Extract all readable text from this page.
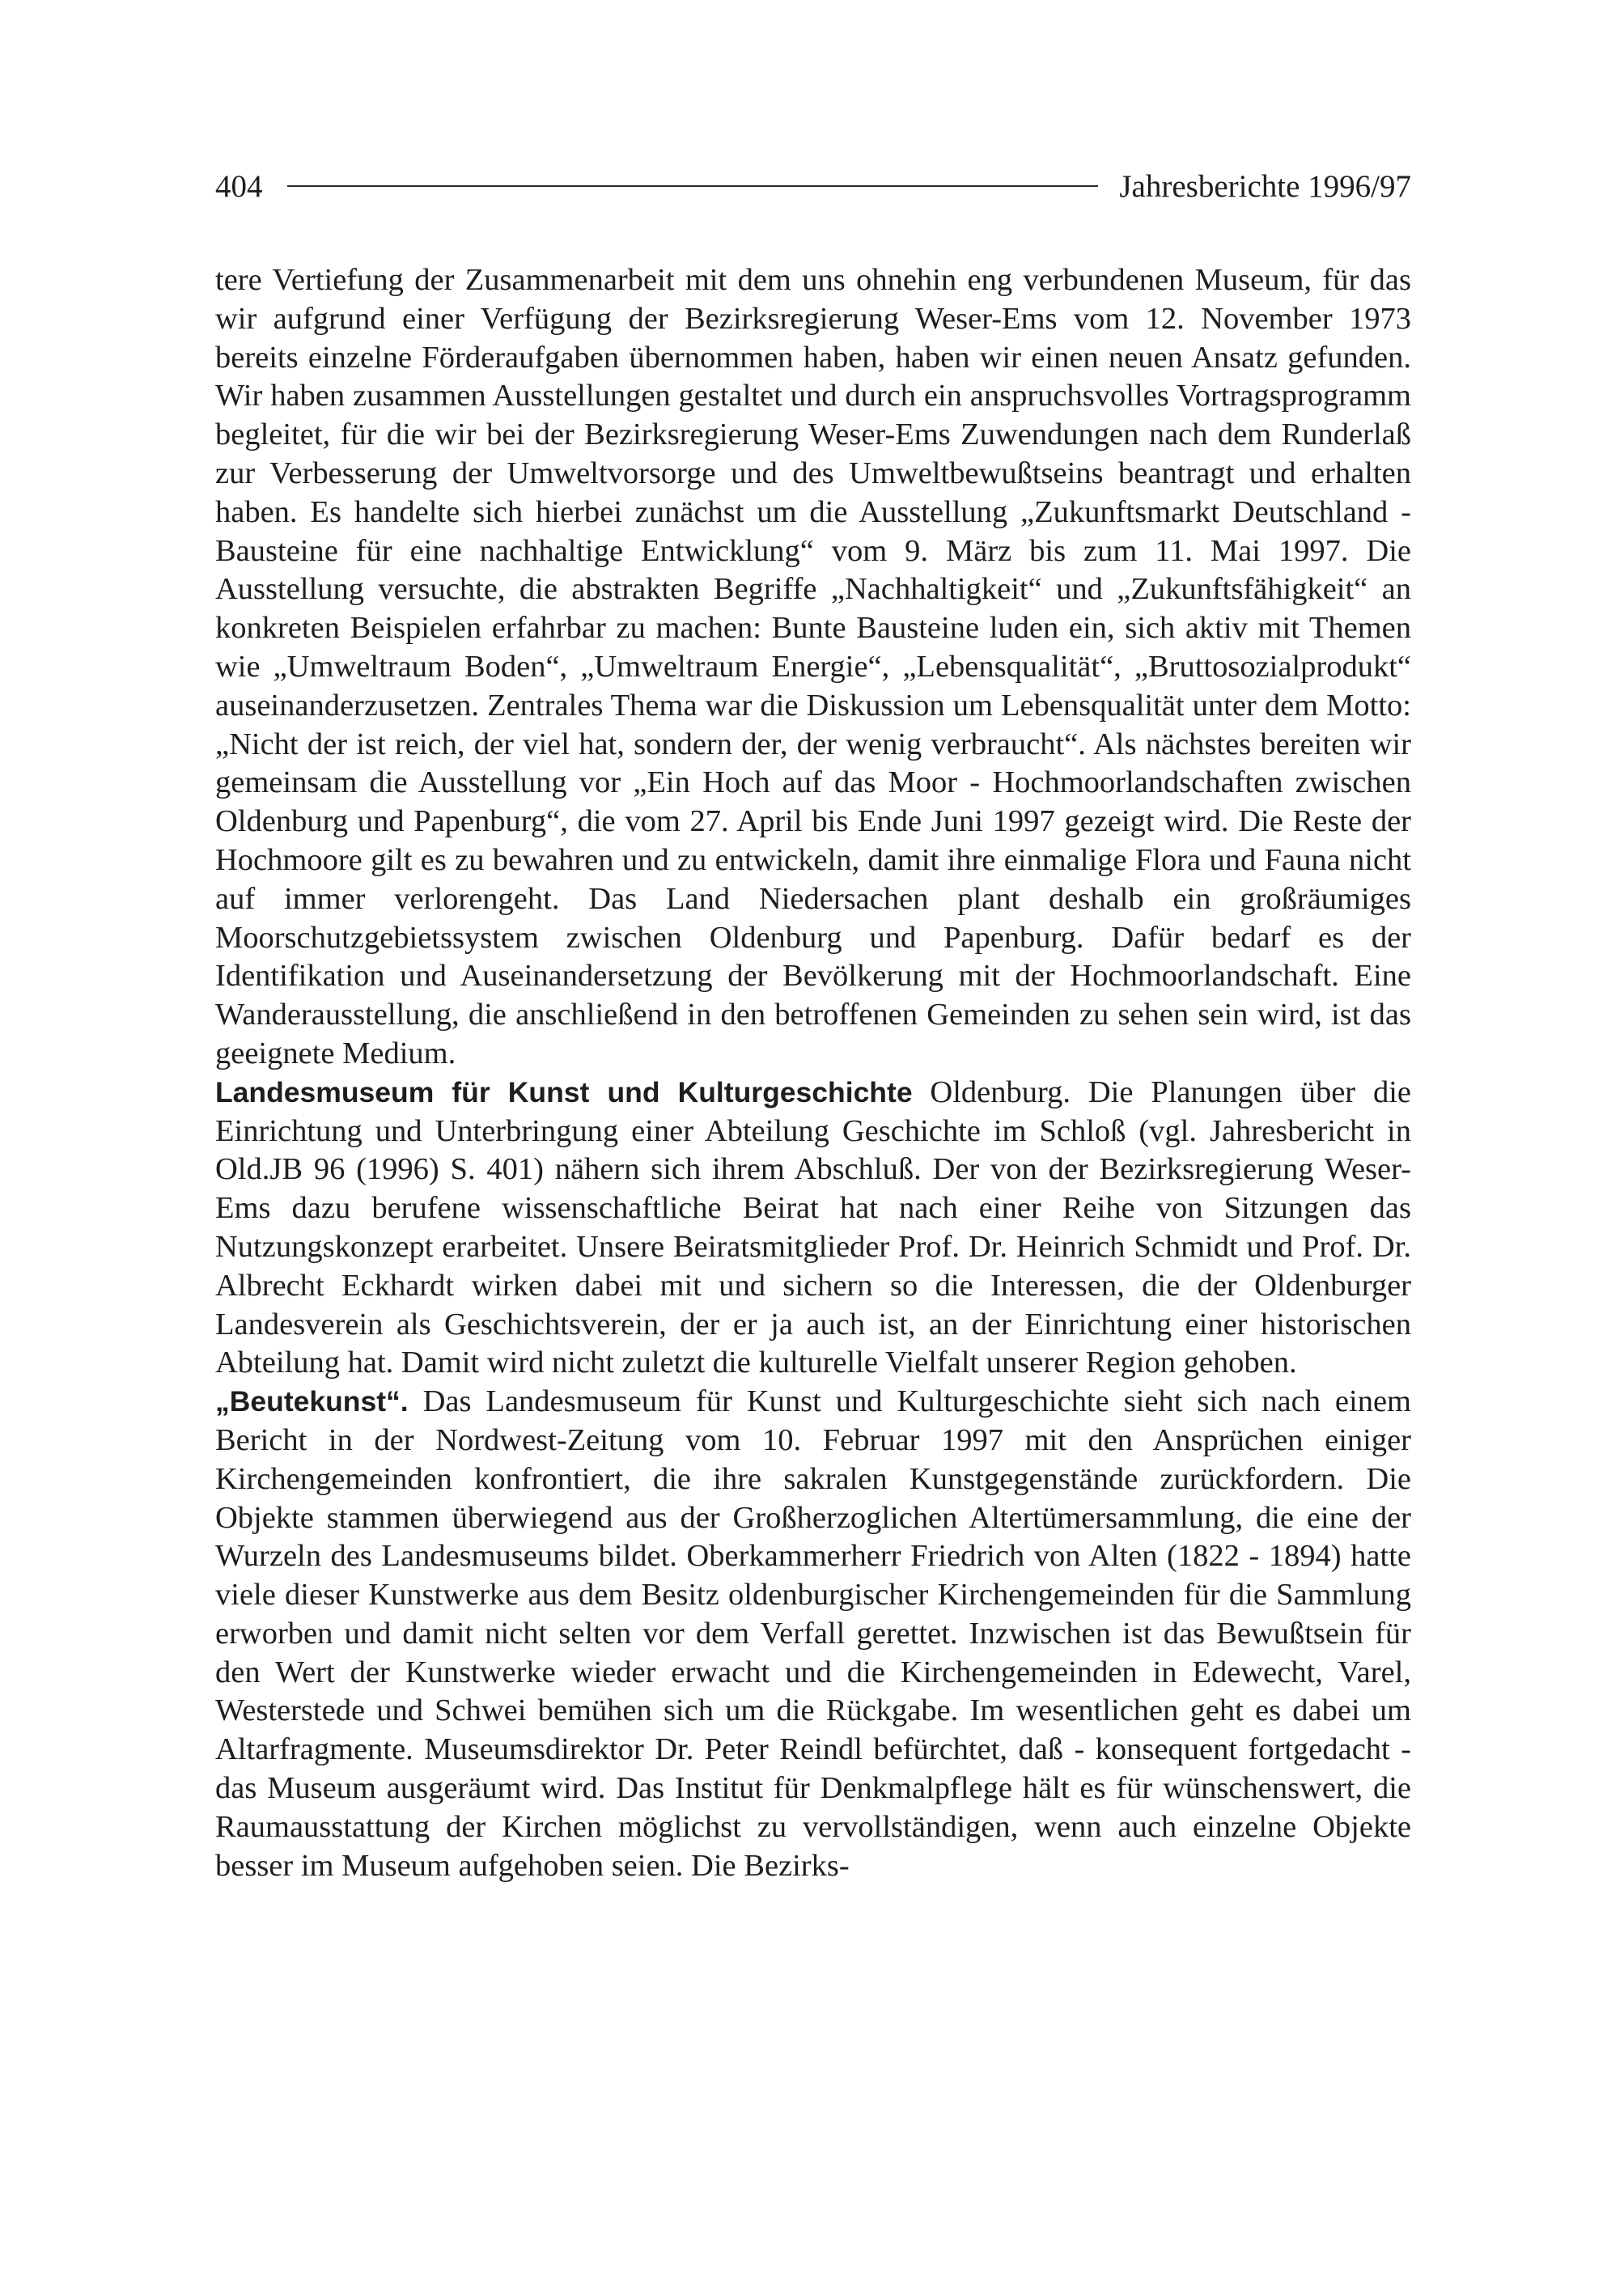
404	Jahresberichte 1996/97

tere Vertiefung der Zusammenarbeit mit dem uns ohnehin eng verbundenen Museum, für das wir aufgrund einer Verfügung der Bezirksregierung Weser-Ems vom 12. November 1973 bereits einzelne Förderaufgaben übernommen haben, haben wir einen neuen Ansatz gefunden. Wir haben zusammen Ausstellungen gestaltet und durch ein anspruchsvolles Vortragsprogramm begleitet, für die wir bei der Bezirksregierung Weser-Ems Zuwendungen nach dem Runderlaß zur Verbesserung der Umweltvorsorge und des Umweltbewußtseins beantragt und erhalten haben. Es handelte sich hierbei zunächst um die Ausstellung „Zukunftsmarkt Deutschland - Bausteine für eine nachhaltige Entwicklung“ vom 9. März bis zum 11. Mai 1997. Die Ausstellung versuchte, die abstrakten Begriffe „Nachhaltigkeit“ und „Zukunftsfähigkeit“ an konkreten Beispielen erfahrbar zu machen: Bunte Bausteine luden ein, sich aktiv mit Themen wie „Umweltraum Boden“, „Umweltraum Energie“, „Lebensqualität“, „Bruttosozialprodukt“ auseinanderzusetzen. Zentrales Thema war die Diskussion um Lebensqualität unter dem Motto: „Nicht der ist reich, der viel hat, sondern der, der wenig verbraucht“. Als nächstes bereiten wir gemeinsam die Ausstellung vor „Ein Hoch auf das Moor - Hochmoorlandschaften zwischen Oldenburg und Papenburg“, die vom 27. April bis Ende Juni 1997 gezeigt wird. Die Reste der Hochmoore gilt es zu bewahren und zu entwickeln, damit ihre einmalige Flora und Fauna nicht auf immer verlorengeht. Das Land Niedersachen plant deshalb ein großräumiges Moorschutzgebietssystem zwischen Oldenburg und Papenburg. Dafür bedarf es der Identifikation und Auseinandersetzung der Bevölkerung mit der Hochmoorlandschaft. Eine Wanderausstellung, die anschließend in den betroffenen Gemeinden zu sehen sein wird, ist das geeignete Medium.

Landesmuseum für Kunst und Kulturgeschichte Oldenburg. Die Planungen über die Einrichtung und Unterbringung einer Abteilung Geschichte im Schloß (vgl. Jahresbericht in Old.JB 96 (1996) S. 401) nähern sich ihrem Abschluß. Der von der Bezirksregierung Weser-Ems dazu berufene wissenschaftliche Beirat hat nach einer Reihe von Sitzungen das Nutzungskonzept erarbeitet. Unsere Beiratsmitglieder Prof. Dr. Heinrich Schmidt und Prof. Dr. Albrecht Eckhardt wirken dabei mit und sichern so die Interessen, die der Oldenburger Landesverein als Geschichtsverein, der er ja auch ist, an der Einrichtung einer historischen Abteilung hat. Damit wird nicht zuletzt die kulturelle Vielfalt unserer Region gehoben.

„Beutekunst“. Das Landesmuseum für Kunst und Kulturgeschichte sieht sich nach einem Bericht in der Nordwest-Zeitung vom 10. Februar 1997 mit den Ansprüchen einiger Kirchengemeinden konfrontiert, die ihre sakralen Kunstgegenstände zurückfordern. Die Objekte stammen überwiegend aus der Großherzoglichen Altertümersammlung, die eine der Wurzeln des Landesmuseums bildet. Oberkammerherr Friedrich von Alten (1822 - 1894) hatte viele dieser Kunstwerke aus dem Besitz oldenburgischer Kirchengemeinden für die Sammlung erworben und damit nicht selten vor dem Verfall gerettet. Inzwischen ist das Bewußtsein für den Wert der Kunstwerke wieder erwacht und die Kirchengemeinden in Edewecht, Varel, Westerstede und Schwei bemühen sich um die Rückgabe. Im wesentlichen geht es dabei um Altarfragmente. Museumsdirektor Dr. Peter Reindl befürchtet, daß - konsequent fortgedacht - das Museum ausgeräumt wird. Das Institut für Denkmalpflege hält es für wünschenswert, die Raumausstattung der Kirchen möglichst zu vervollständigen, wenn auch einzelne Objekte besser im Museum aufgehoben seien. Die Bezirks-
